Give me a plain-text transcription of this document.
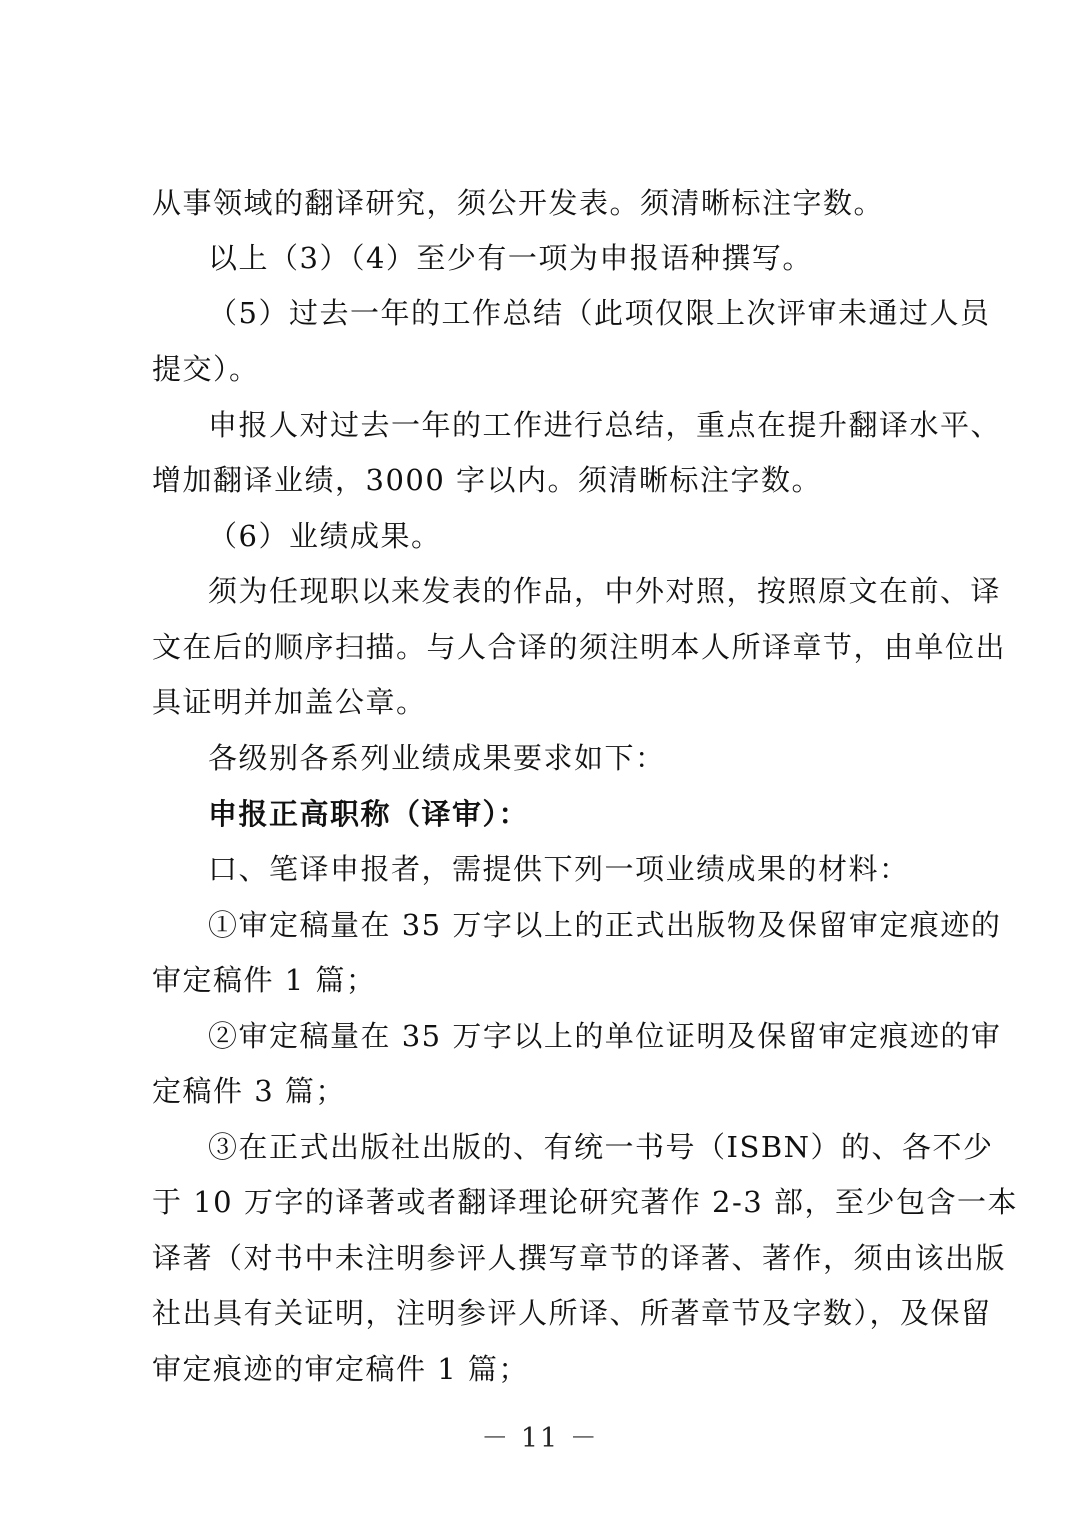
从事领域的翻译研究，须公开发表。须清晰标注字数。
以上（3）（4）至少有一项为申报语种撰写。
（5）过去一年的工作总结（此项仅限上次评审未通过人员
提交）。
申报人对过去一年的工作进行总结，重点在提升翻译水平、
增加翻译业绩，3000 字以内。须清晰标注字数。
（6）业绩成果。
须为任现职以来发表的作品，中外对照，按照原文在前、译
文在后的顺序扫描。与人合译的须注明本人所译章节，由单位出
具证明并加盖公章。
各级别各系列业绩成果要求如下：
申报正高职称（译审）：
口、笔译申报者，需提供下列一项业绩成果的材料：
①审定稿量在 35 万字以上的正式出版物及保留审定痕迹的
审定稿件 1 篇；
②审定稿量在 35 万字以上的单位证明及保留审定痕迹的审
定稿件 3 篇；
③在正式出版社出版的、有统一书号（ISBN）的、各不少
于 10 万字的译著或者翻译理论研究著作 2-3 部，至少包含一本
译著（对书中未注明参评人撰写章节的译著、著作，须由该出版
社出具有关证明，注明参评人所译、所著章节及字数），及保留
审定痕迹的审定稿件 1 篇；
－ 11 －
